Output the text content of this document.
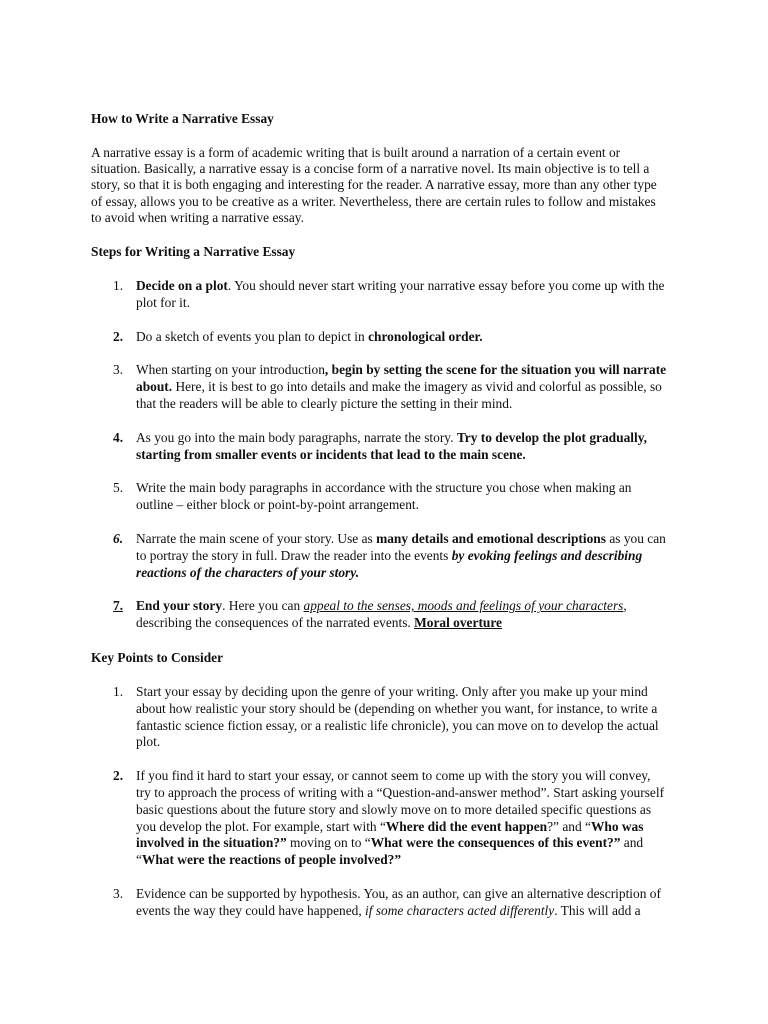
How to Write a Narrative Essay

A narrative essay is a form of academic writing that is built around a narration of a certain event or situation. Basically, a narrative essay is a concise form of a narrative novel. Its main objective is to tell a story, so that it is both engaging and interesting for the reader. A narrative essay, more than any other type of essay, allows you to be creative as a writer. Nevertheless, there are certain rules to follow and mistakes to avoid when writing a narrative essay.

Steps for Writing a Narrative Essay

1. Decide on a plot. You should never start writing your narrative essay before you come up with the plot for it.
2. Do a sketch of events you plan to depict in chronological order.
3. When starting on your introduction, begin by setting the scene for the situation you will narrate about. Here, it is best to go into details and make the imagery as vivid and colorful as possible, so that the readers will be able to clearly picture the setting in their mind.
4. As you go into the main body paragraphs, narrate the story. Try to develop the plot gradually, starting from smaller events or incidents that lead to the main scene.
5. Write the main body paragraphs in accordance with the structure you chose when making an outline – either block or point-by-point arrangement.
6. Narrate the main scene of your story. Use as many details and emotional descriptions as you can to portray the story in full. Draw the reader into the events by evoking feelings and describing reactions of the characters of your story.
7. End your story. Here you can appeal to the senses, moods and feelings of your characters, describing the consequences of the narrated events. Moral overture

Key Points to Consider

1. Start your essay by deciding upon the genre of your writing. Only after you make up your mind about how realistic your story should be (depending on whether you want, for instance, to write a fantastic science fiction essay, or a realistic life chronicle), you can move on to develop the actual plot.
2. If you find it hard to start your essay, or cannot seem to come up with the story you will convey, try to approach the process of writing with a “Question-and-answer method”. Start asking yourself basic questions about the future story and slowly move on to more detailed specific questions as you develop the plot. For example, start with “Where did the event happen?” and “Who was involved in the situation?” moving on to “What were the consequences of this event?” and “What were the reactions of people involved?”
3. Evidence can be supported by hypothesis. You, as an author, can give an alternative description of events the way they could have happened, if some characters acted differently. This will add a
